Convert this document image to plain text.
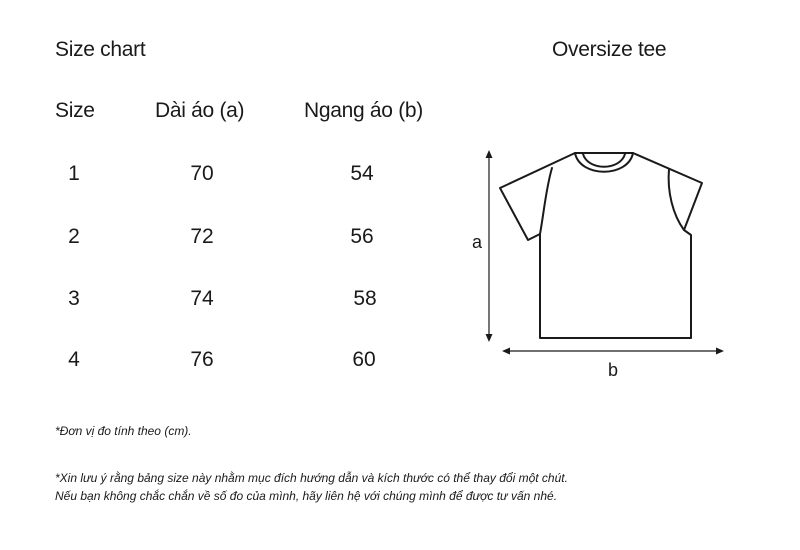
Size chart	Oversize tee
Size	Dài áo (a)	Ngang áo (b)
1	70	54
2	72	56
3	74	58
4	76	60
a
b
*Đơn vị đo tính theo (cm).
*Xin lưu ý rằng bảng size này nhằm mục đích hướng dẫn và kích thước có thể thay đổi một chút.
Nếu bạn không chắc chắn về số đo của mình, hãy liên hệ với chúng mình để được tư vấn nhé.
